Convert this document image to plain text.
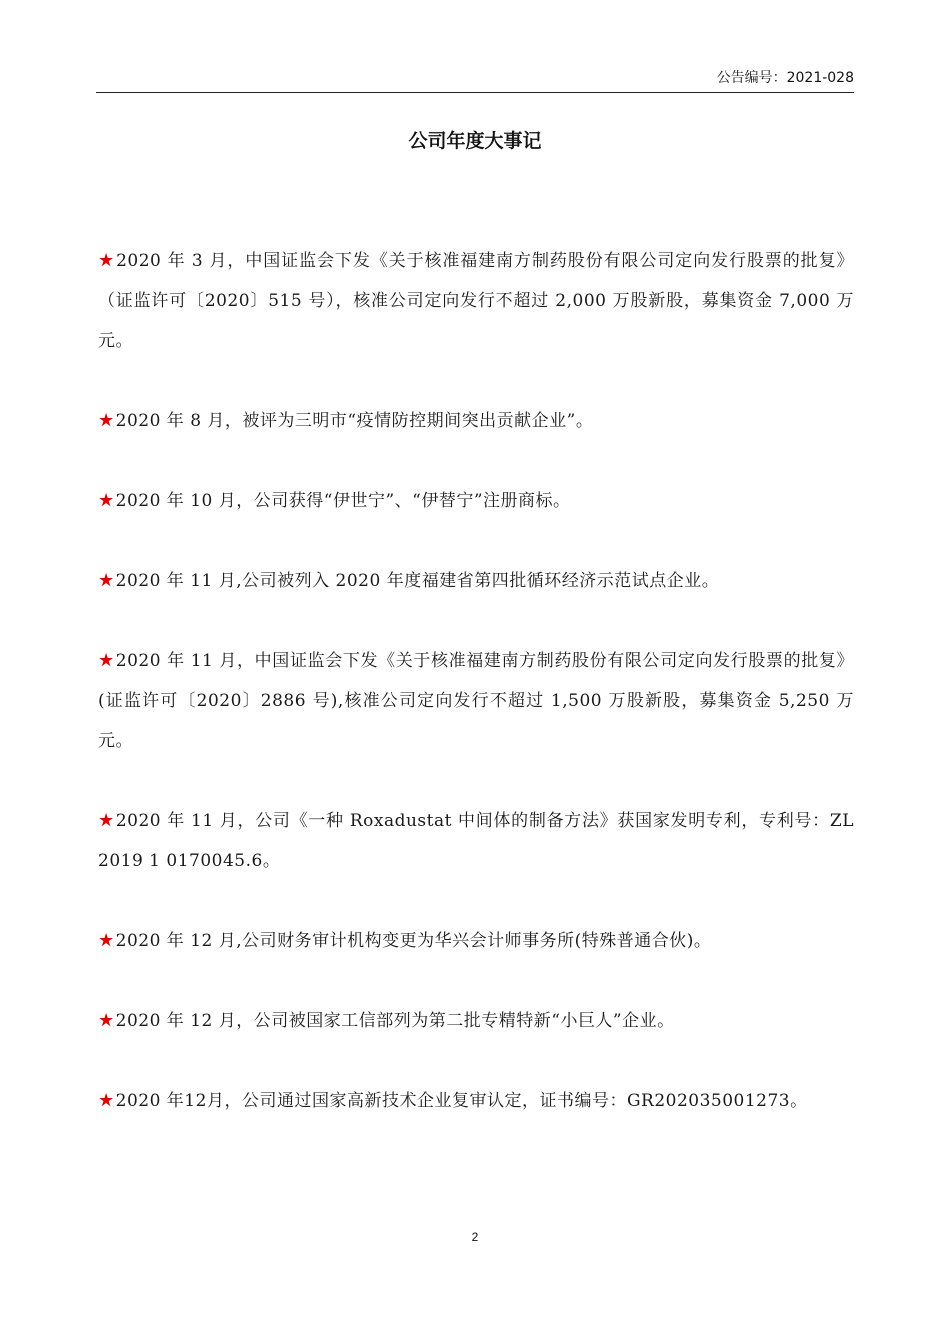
公告编号：2021-028
公司年度大事记

★2020 年 3 月，中国证监会下发《关于核准福建南方制药股份有限公司定向发行股票的批复》（证监许可〔2020〕515 号），核准公司定向发行不超过 2,000 万股新股，募集资金 7,000 万元。

★2020 年 8 月，被评为三明市“疫情防控期间突出贡献企业”。

★2020 年 10 月，公司获得“伊世宁”、“伊替宁”注册商标。

★2020 年 11 月,公司被列入 2020 年度福建省第四批循环经济示范试点企业。

★2020 年 11 月，中国证监会下发《关于核准福建南方制药股份有限公司定向发行股票的批复》(证监许可〔2020〕2886 号),核准公司定向发行不超过 1,500 万股新股，募集资金 5,250 万元。

★2020 年 11 月，公司《一种 Roxadustat 中间体的制备方法》获国家发明专利，专利号：ZL 2019 1 0170045.6。

★2020 年 12 月,公司财务审计机构变更为华兴会计师事务所(特殊普通合伙)。

★2020 年 12 月，公司被国家工信部列为第二批专精特新“小巨人”企业。

★2020 年12月，公司通过国家高新技术企业复审认定，证书编号：GR202035001273。

2
